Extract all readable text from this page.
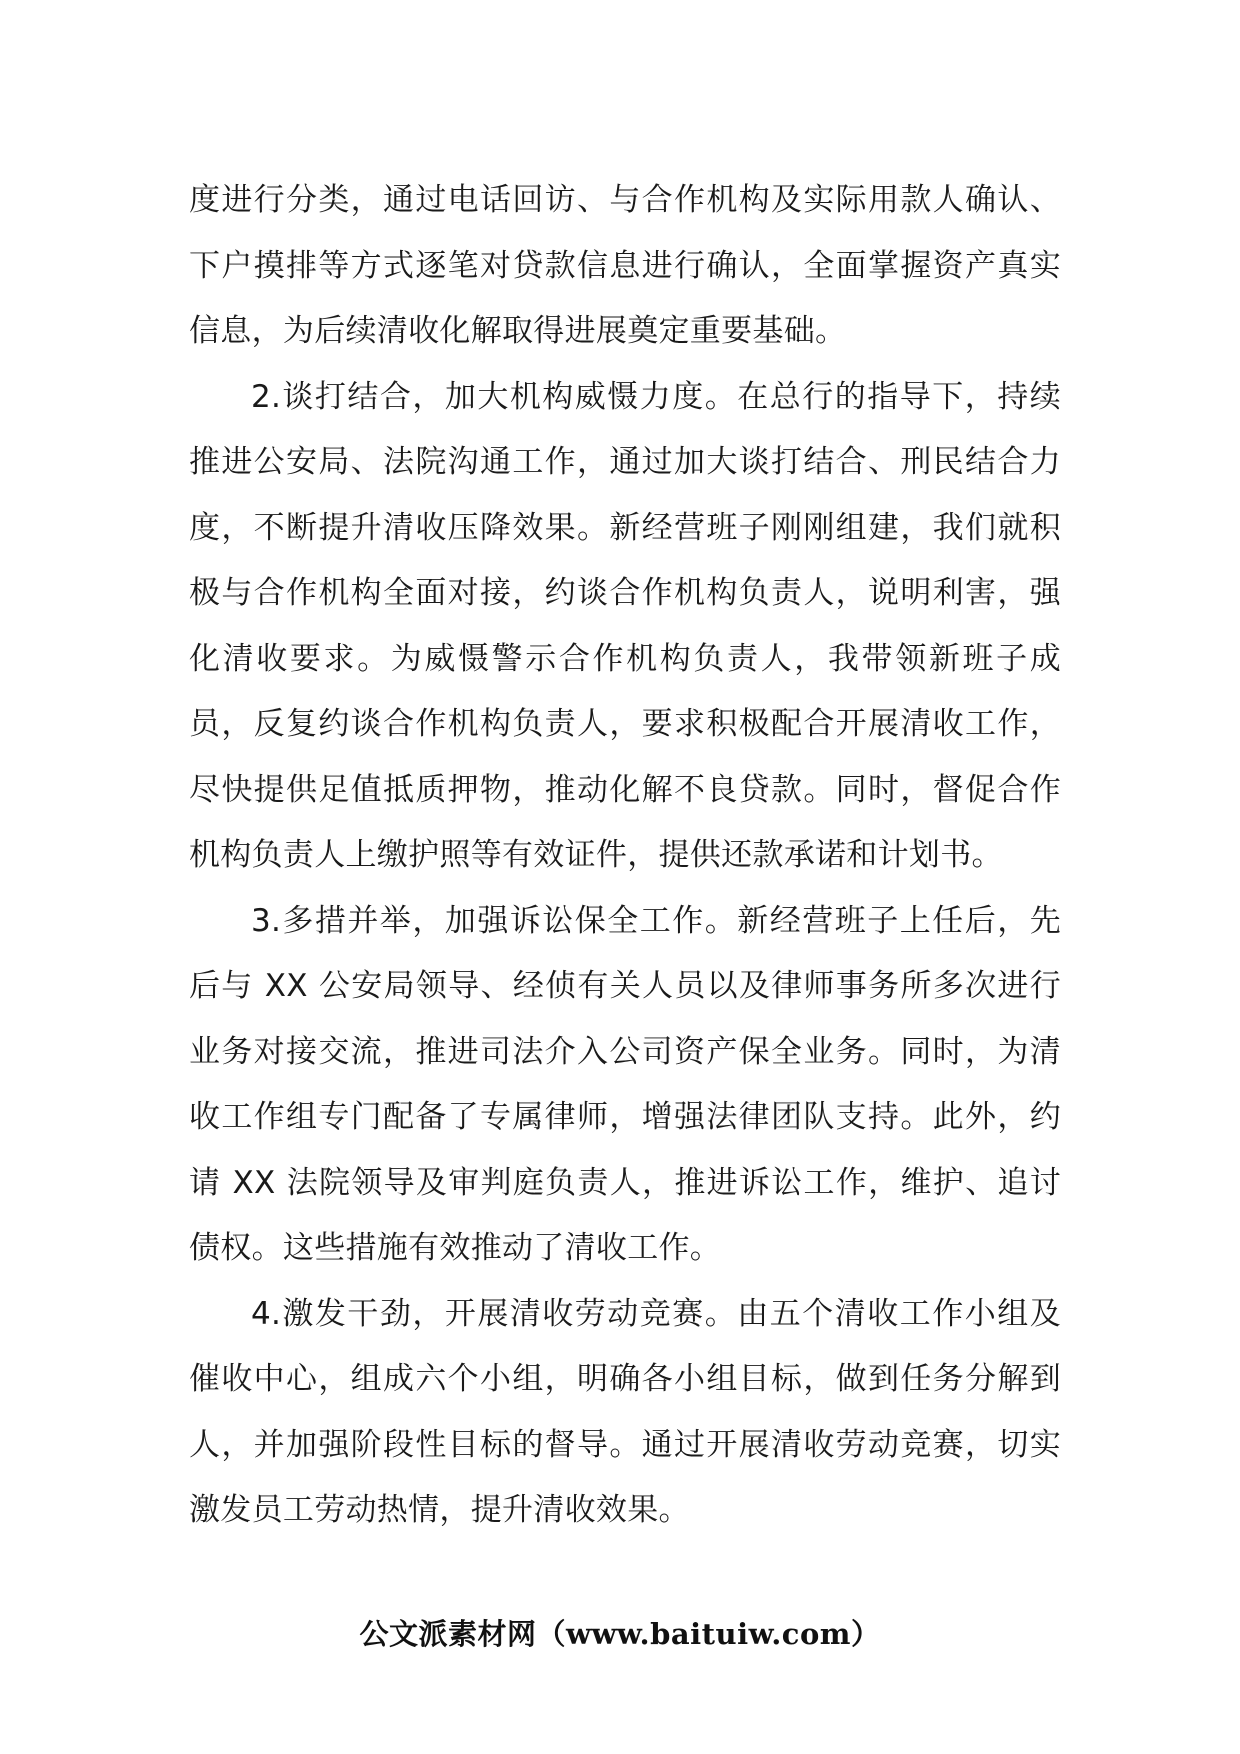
度进行分类，通过电话回访、与合作机构及实际用款人确认、下户摸排等方式逐笔对贷款信息进行确认，全面掌握资产真实信息，为后续清收化解取得进展奠定重要基础。

2.谈打结合，加大机构威慑力度。在总行的指导下，持续推进公安局、法院沟通工作，通过加大谈打结合、刑民结合力度，不断提升清收压降效果。新经营班子刚刚组建，我们就积极与合作机构全面对接，约谈合作机构负责人，说明利害，强化清收要求。为威慑警示合作机构负责人，我带领新班子成员，反复约谈合作机构负责人，要求积极配合开展清收工作，尽快提供足值抵质押物，推动化解不良贷款。同时，督促合作机构负责人上缴护照等有效证件，提供还款承诺和计划书。

3.多措并举，加强诉讼保全工作。新经营班子上任后，先后与 XX 公安局领导、经侦有关人员以及律师事务所多次进行业务对接交流，推进司法介入公司资产保全业务。同时，为清收工作组专门配备了专属律师，增强法律团队支持。此外，约请 XX 法院领导及审判庭负责人，推进诉讼工作，维护、追讨债权。这些措施有效推动了清收工作。

4.激发干劲，开展清收劳动竞赛。由五个清收工作小组及催收中心，组成六个小组，明确各小组目标，做到任务分解到人，并加强阶段性目标的督导。通过开展清收劳动竞赛，切实激发员工劳动热情，提升清收效果。

公文派素材网（www.baituiw.com）
